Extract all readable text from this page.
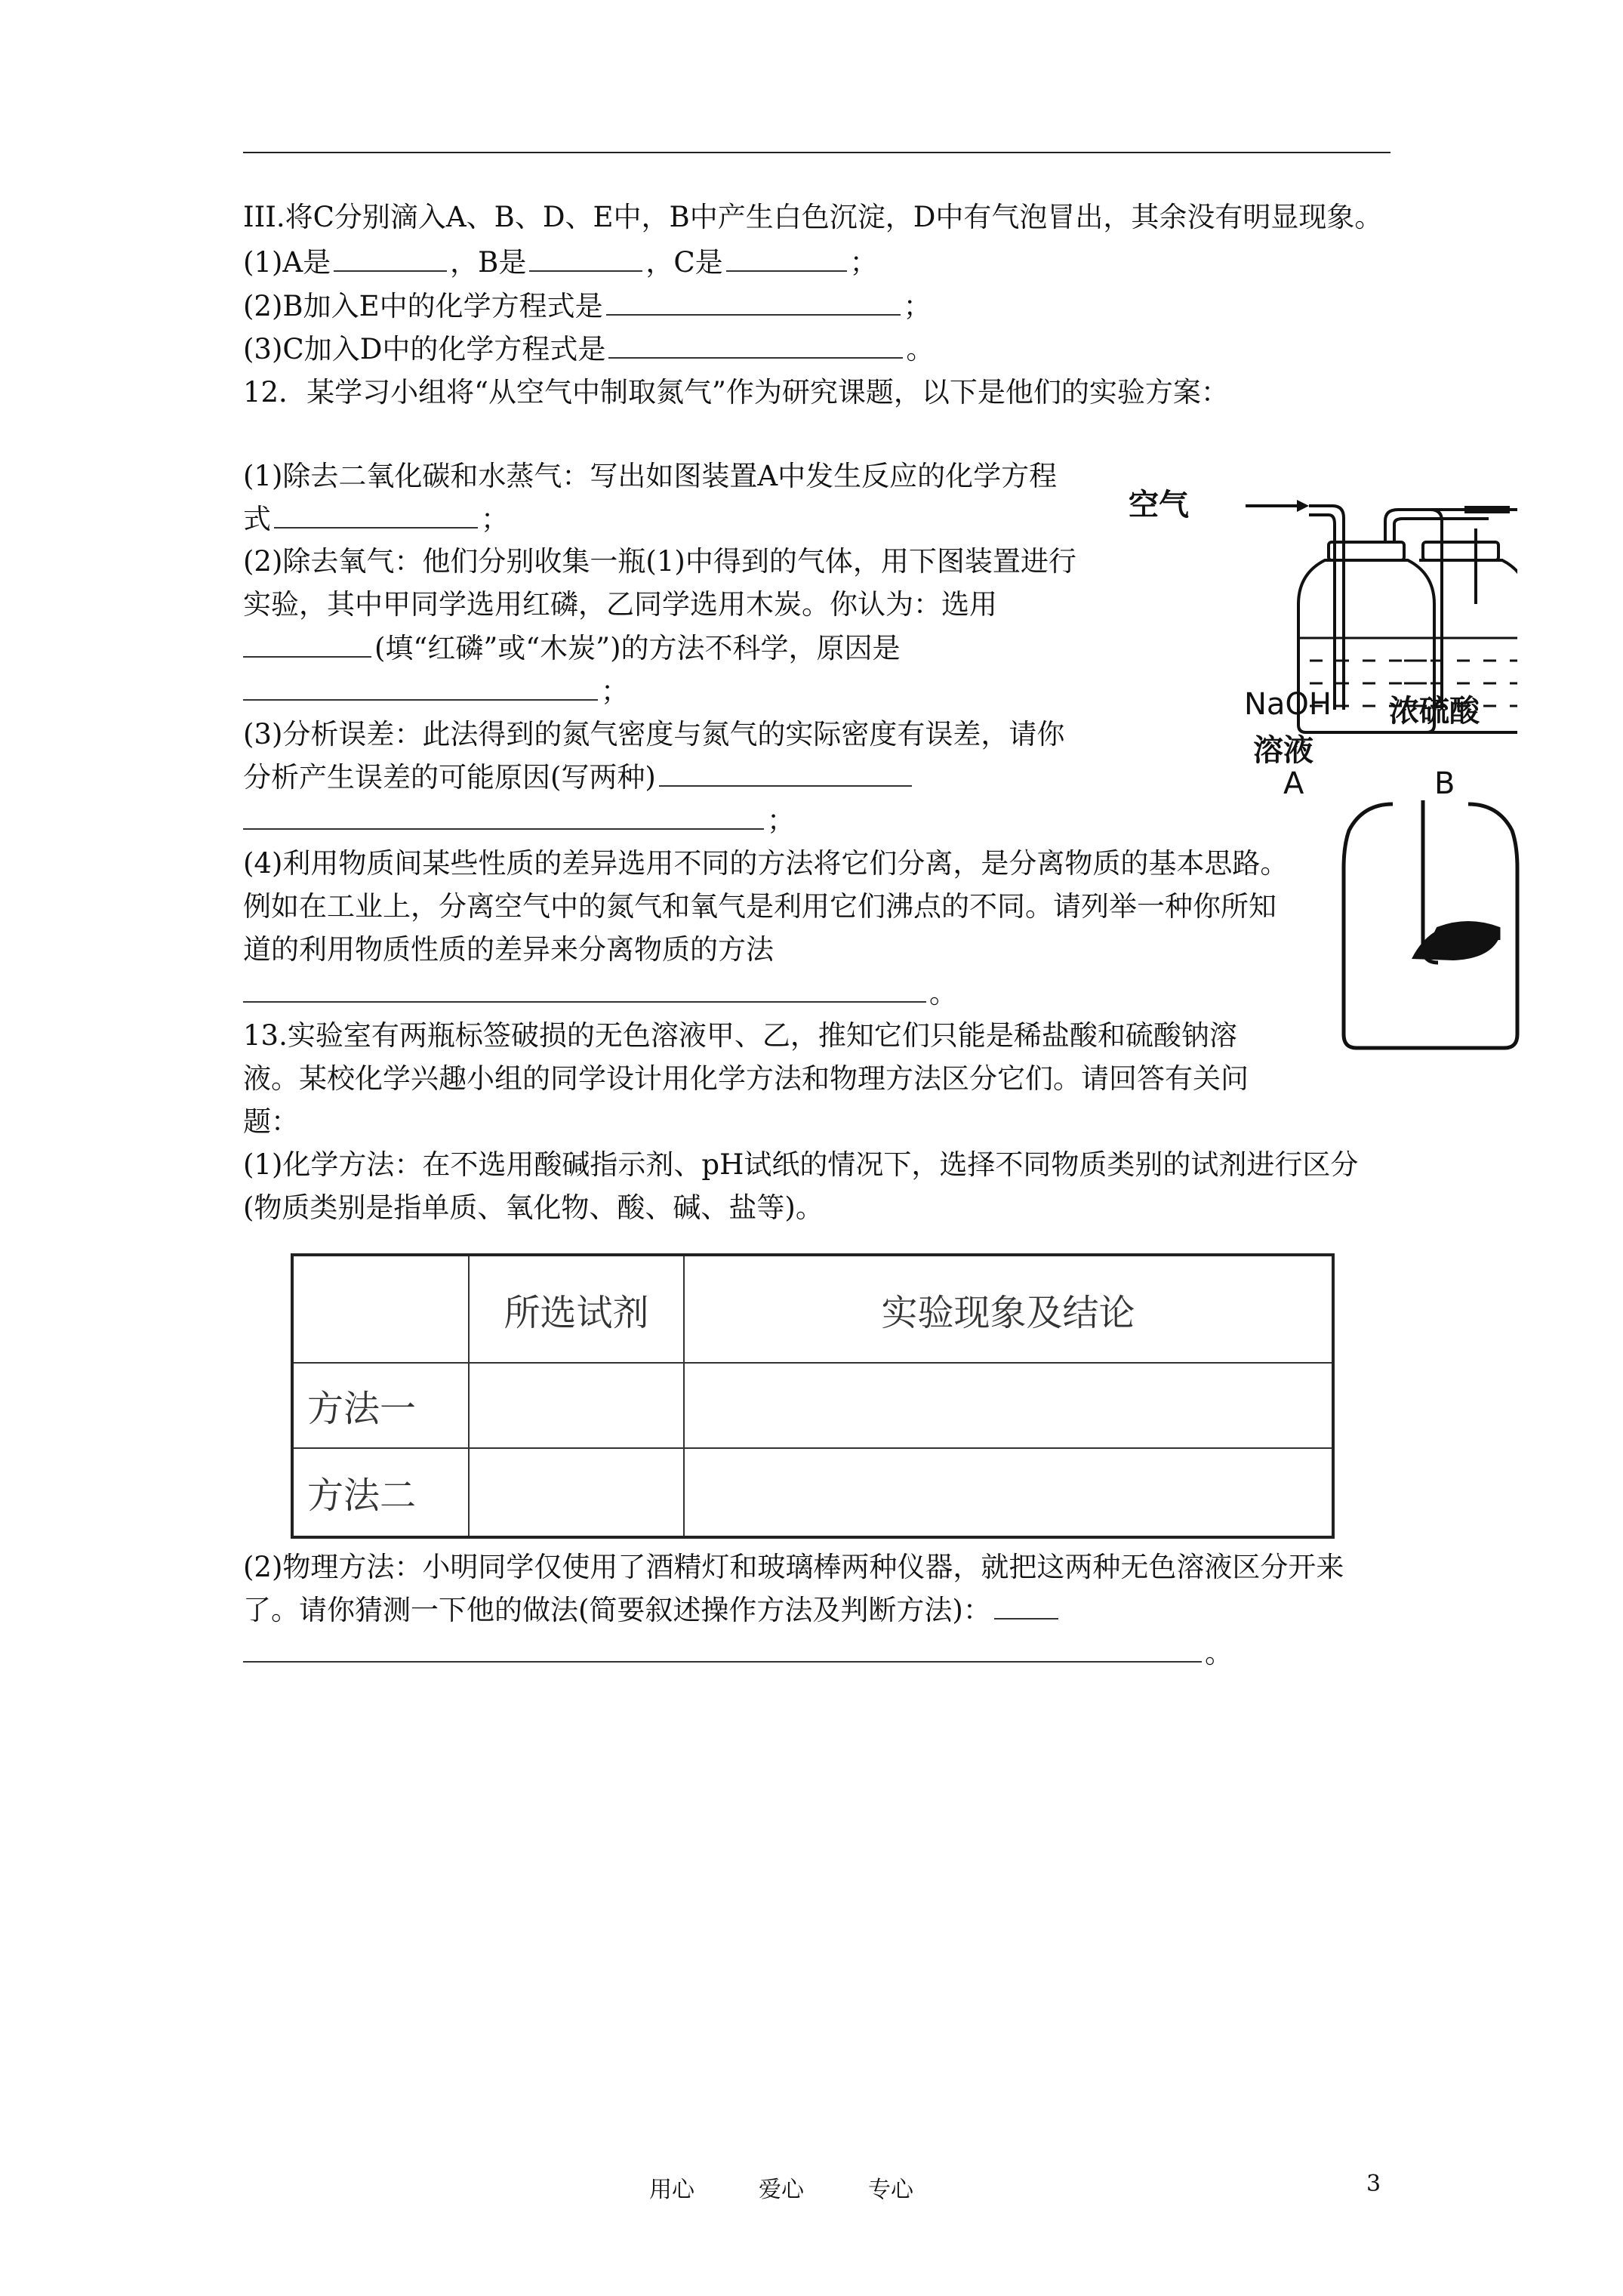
III.将C分别滴入A、B、D、E中，B中产生白色沉淀，D中有气泡冒出，其余没有明显现象。
(1)A是	，B是	，C是	；
(2)B加入E中的化学方程式是	；
(3)C加入D中的化学方程式是	。
12．某学习小组将“从空气中制取氮气”作为研究课题，以下是他们的实验方案：
(1)除去二氧化碳和水蒸气：写出如图装置A中发生反应的化学方程
式	；
(2)除去氧气：他们分别收集一瓶(1)中得到的气体，用下图装置进行
实验，其中甲同学选用红磷，乙同学选用木炭。你认为：选用
(填“红磷”或“木炭”)的方法不科学，原因是
；
(3)分析误差：此法得到的氮气密度与氮气的实际密度有误差，请你
分析产生误差的可能原因(写两种)
；
(4)利用物质间某些性质的差异选用不同的方法将它们分离，是分离物质的基本思路。
例如在工业上，分离空气中的氮气和氧气是利用它们沸点的不同。请列举一种你所知
道的利用物质性质的差异来分离物质的方法
。
13.实验室有两瓶标签破损的无色溶液甲、乙，推知它们只能是稀盐酸和硫酸钠溶
液。某校化学兴趣小组的同学设计用化学方法和物理方法区分它们。请回答有关问
题：
(1)化学方法：在不选用酸碱指示剂、pH试纸的情况下，选择不同物质类别的试剂进行区分
(物质类别是指单质、氧化物、酸、碱、盐等)。
空气
NaOH
溶液
A
浓硫酸
B
	所选试剂	实验现象及结论
方法一		
方法二		
(2)物理方法：小明同学仅使用了酒精灯和玻璃棒两种仪器，就把这两种无色溶液区分开来
了。请你猜测一下他的做法(简要叙述操作方法及判断方法)：
。
用心	爱心	专心	3
